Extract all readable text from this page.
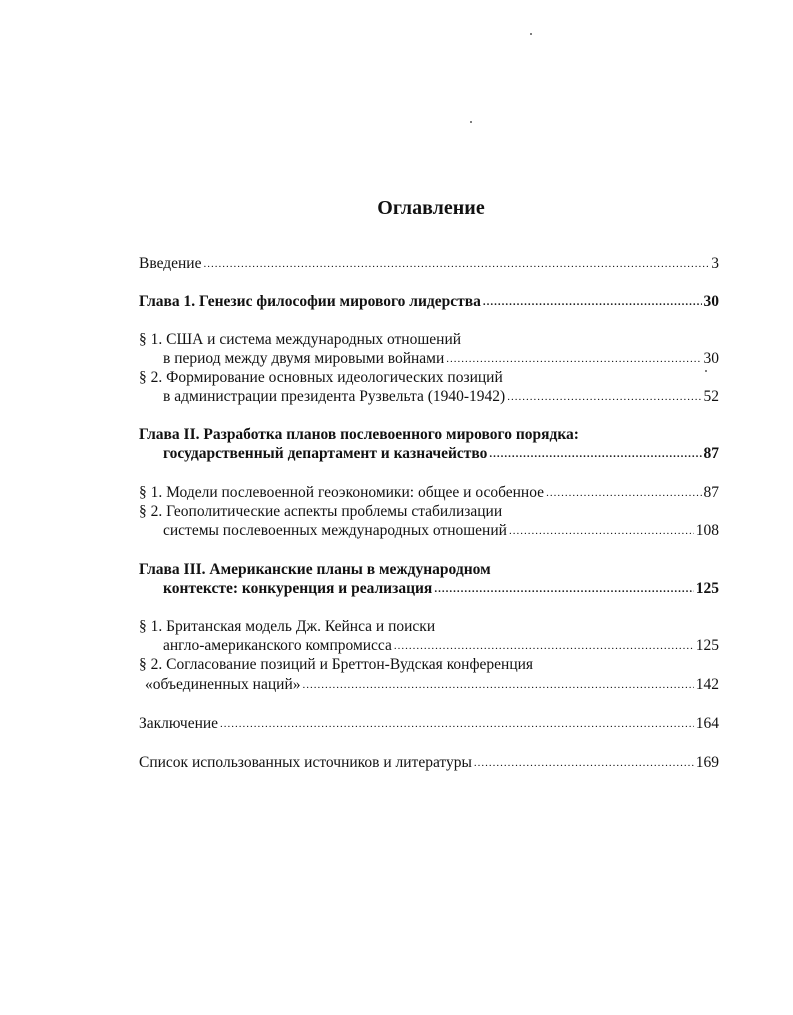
Оглавление
Введение .....	3
Глава 1. Генезис философии мирового лидерства .....	30
§ 1. США и система международных отношений
в период между двумя мировыми войнами .....	30
§ 2. Формирование основных идеологических позиций
в администрации президента Рузвельта (1940-1942) .....	52
Глава II. Разработка планов послевоенного мирового порядка:
государственный департамент и казначейство .....	87
§ 1. Модели послевоенной геоэкономики: общее и особенное .....	87
§ 2. Геополитические аспекты проблемы стабилизации
системы послевоенных международных отношений .....	108
Глава III. Американские планы в международном
контексте: конкуренция и реализация .....	125
§ 1. Британская модель Дж. Кейнса и поиски
англо-американского компромисса .....	125
§ 2. Согласование позиций и Бреттон-Вудская конференция
«объединенных наций» .....	142
Заключение .....	164
Список использованных источников и литературы .....	169
